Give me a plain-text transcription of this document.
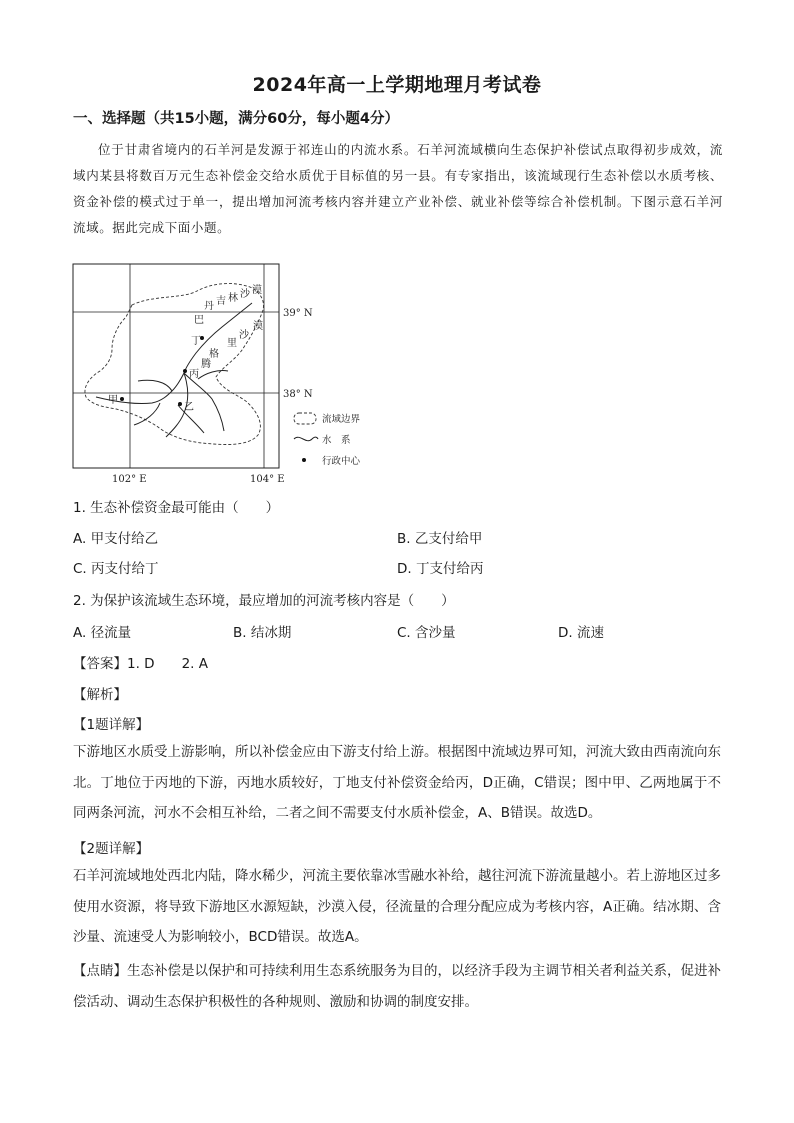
2024年高一上学期地理月考试卷
一、选择题（共15小题，满分60分，每小题4分）
位于甘肃省境内的石羊河是发源于祁连山的内流水系。石羊河流域横向生态保护补偿试点取得初步成效，流域内某县将数百万元生态补偿金交给水质优于目标值的另一县。有专家指出，该流域现行生态补偿以水质考核、资金补偿的模式过于单一，提出增加河流考核内容并建立产业补偿、就业补偿等综合补偿机制。下图示意石羊河流域。据此完成下面小题。
丹 吉 林 沙 漠
巴
腾
格
里
沙
漠
丁
丙
甲
乙
39° N
38° N
102° E	104° E
流域边界
水　系
行政中心
1. 生态补偿资金最可能由（　　）
A. 甲支付给乙	B. 乙支付给甲
C. 丙支付给丁	D. 丁支付给丙
2. 为保护该流域生态环境，最应增加的河流考核内容是（　　）
A. 径流量	B. 结冰期	C. 含沙量	D. 流速
【答案】1. D　　2. A
【解析】
【1题详解】
下游地区水质受上游影响，所以补偿金应由下游支付给上游。根据图中流域边界可知，河流大致由西南流向东北。丁地位于丙地的下游，丙地水质较好，丁地支付补偿资金给丙，D正确，C错误；图中甲、乙两地属于不同两条河流，河水不会相互补给，二者之间不需要支付水质补偿金，A、B错误。故选D。
【2题详解】
石羊河流域地处西北内陆，降水稀少，河流主要依靠冰雪融水补给，越往河流下游流量越小。若上游地区过多使用水资源，将导致下游地区水源短缺，沙漠入侵，径流量的合理分配应成为考核内容，A正确。结冰期、含沙量、流速受人为影响较小，BCD错误。故选A。
【点睛】生态补偿是以保护和可持续利用生态系统服务为目的，以经济手段为主调节相关者利益关系，促进补偿活动、调动生态保护积极性的各种规则、激励和协调的制度安排。
